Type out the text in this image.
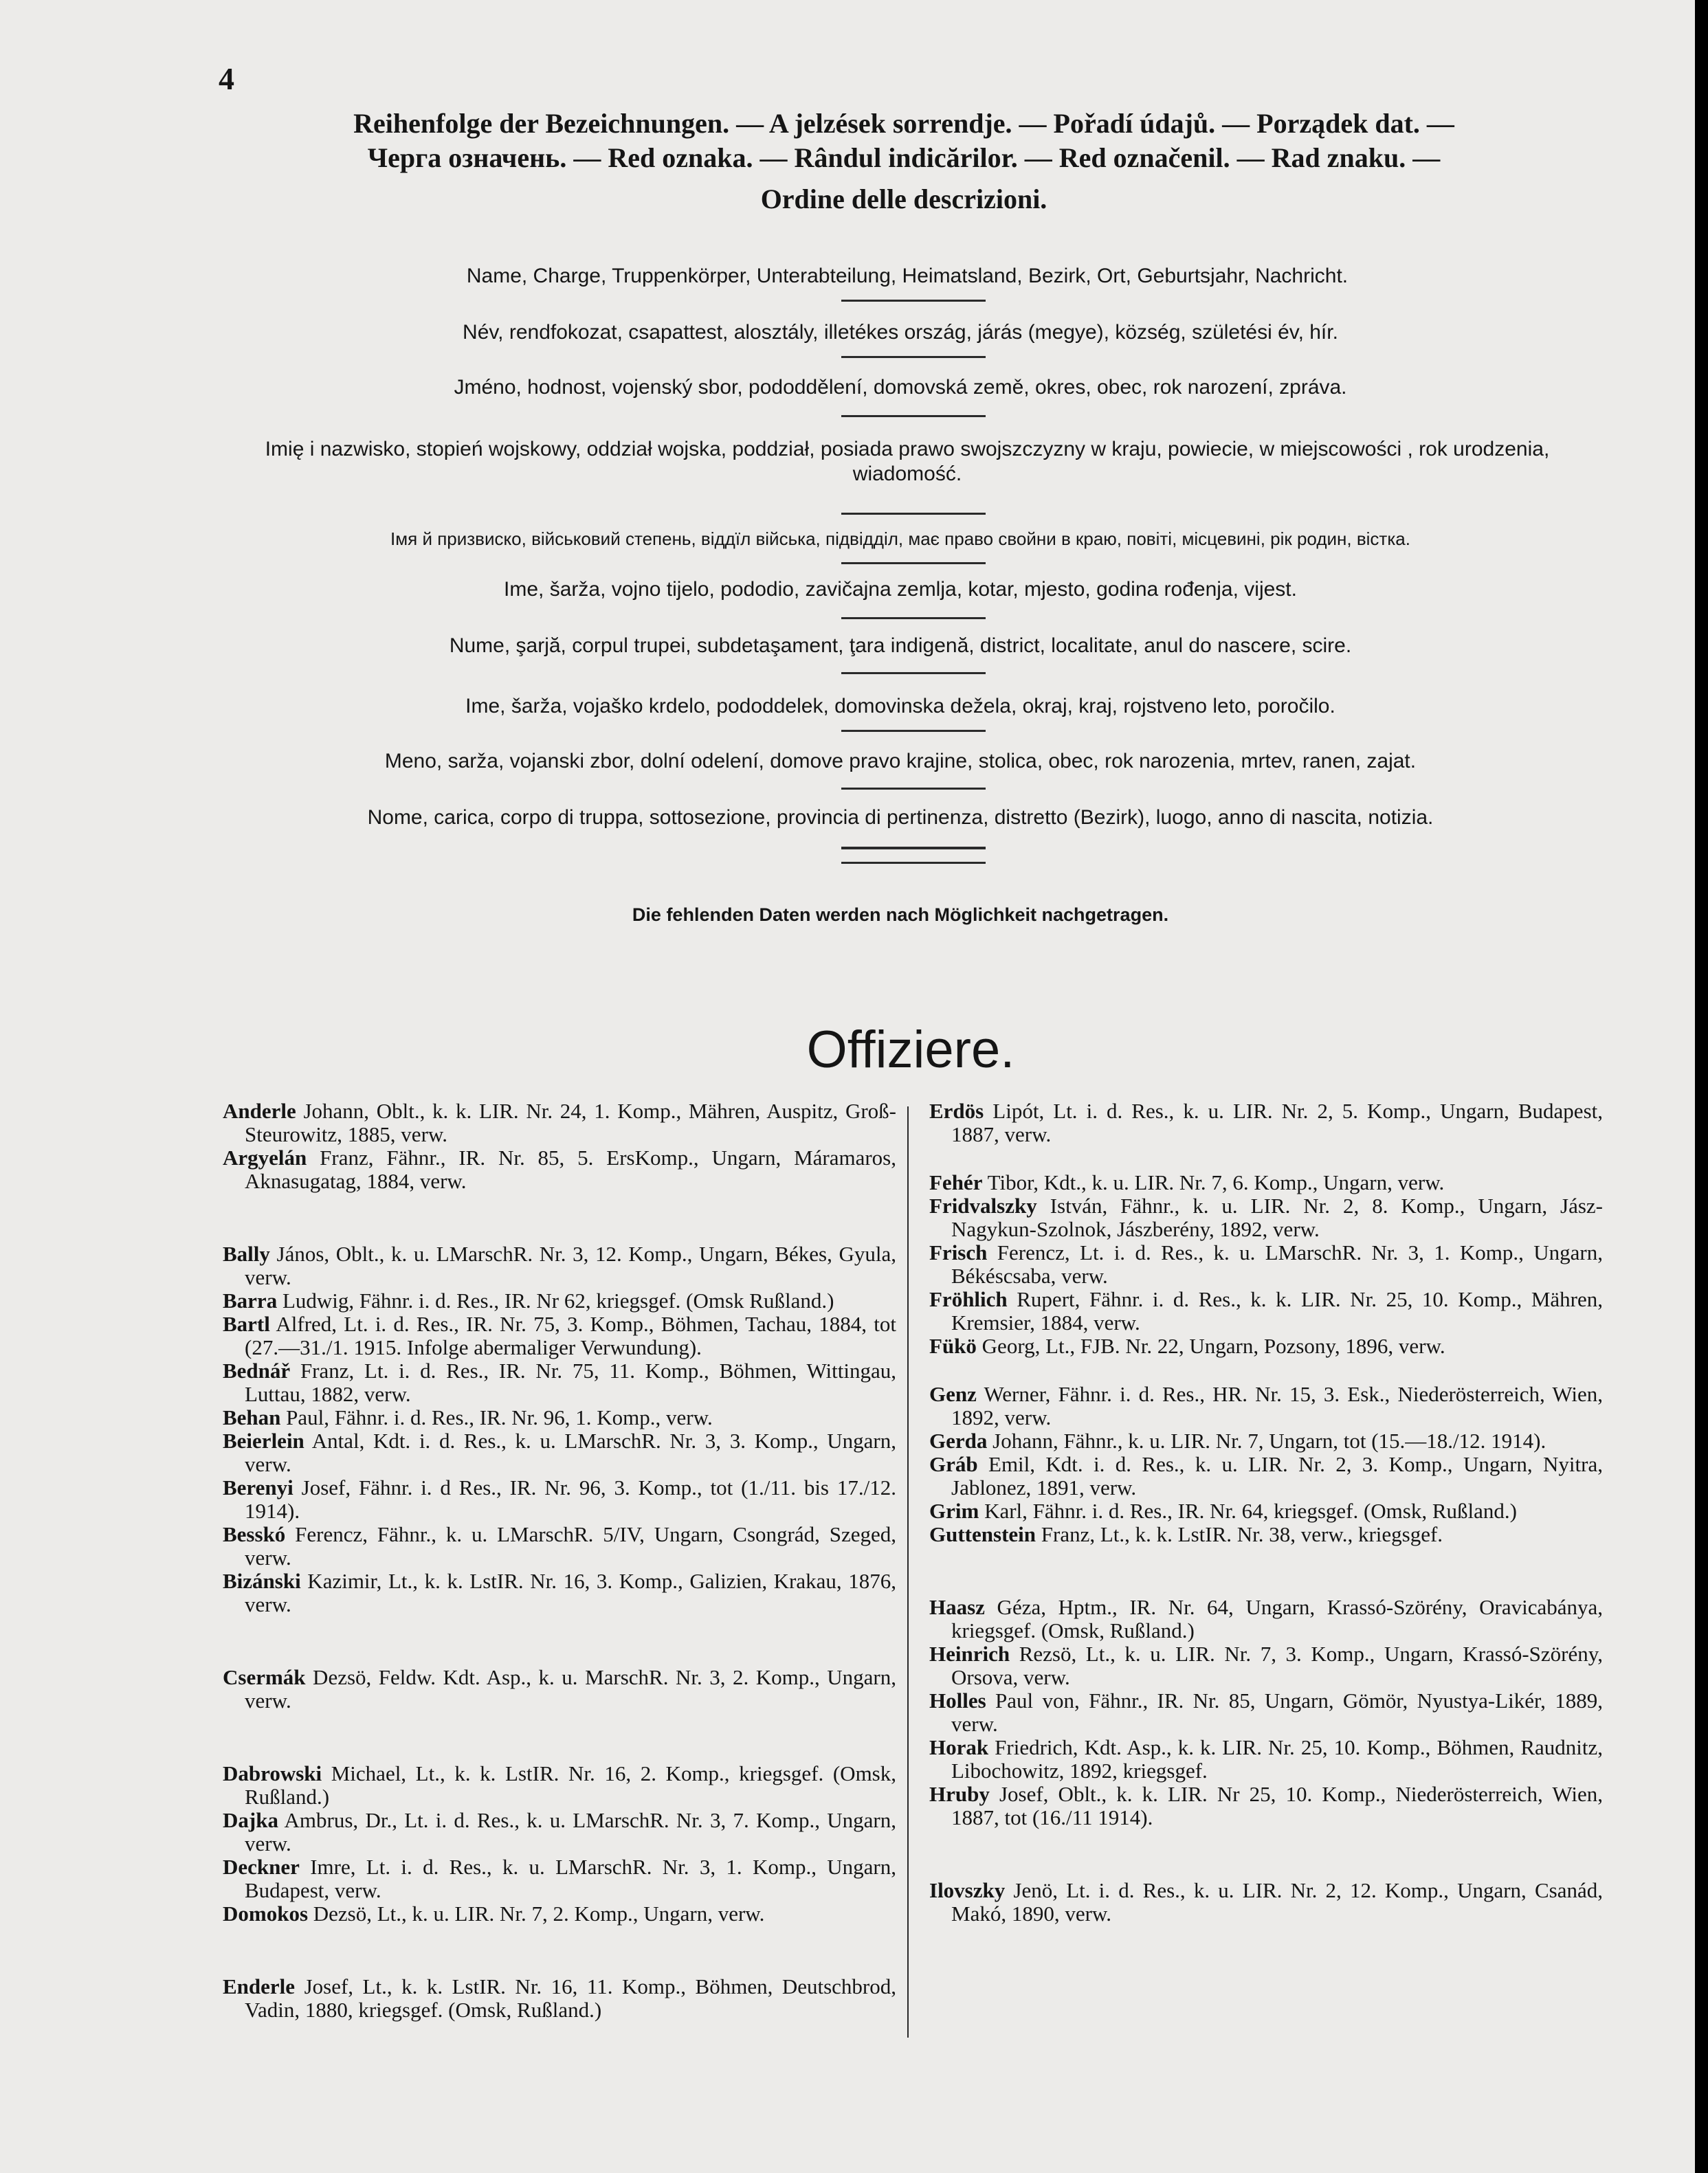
4
Reihenfolge der Bezeichnungen. — A jelzések sorrendje. — Pořadí údajů. — Porządek dat. —
Черга означень. — Red oznaka. — Rândul indicărilor. — Red označenil. — Rad znaku. —
Ordine delle descrizioni.
Name, Charge, Truppenkörper, Unterabteilung, Heimatsland, Bezirk, Ort, Geburtsjahr, Nachricht.
Név, rendfokozat, csapattest, alosztály, illetékes ország, járás (megye), község, születési év, hír.
Jméno, hodnost, vojenský sbor, pododdělení, domovská země, okres, obec, rok narození, zpráva.
Imię i nazwisko, stopień wojskowy, oddział wojska, poddział, posiada prawo swojszczyzny w kraju, powiecie, w miejscowości , rok urodzenia, wiadomość.
Імя й призвиско, військовий степень, віддїл війська, підвідділ, має право свойни в краю, повіті, місцевині, рік родин, вістка.
Ime, šarža, vojno tijelo, pododio, zavičajna zemlja, kotar, mjesto, godina rođenja, vijest.
Nume, şarjă, corpul trupei, subdetaşament, ţara indigenă, district, localitate, anul do nascere, scire.
Ime, šarža, vojaško krdelo, pododdelek, domovinska dežela, okraj, kraj, rojstveno leto, poročilo.
Meno, sarža, vojanski zbor, dolní odelení, domove pravo krajine, stolica, obec, rok narozenia, mrtev, ranen, zajat.
Nome, carica, corpo di truppa, sottosezione, provincia di pertinenza, distretto (Bezirk), luogo, anno di nascita, notizia.
Die fehlenden Daten werden nach Möglichkeit nachgetragen.
Offiziere.

Anderle Johann, Oblt., k. k. LIR. Nr. 24, 1. Komp., Mähren, Auspitz, Groß-Steurowitz, 1885, verw.

Argyelán Franz, Fähnr., IR. Nr. 85, 5. ErsKomp., Ungarn, Máramaros, Aknasugatag, 1884, verw.

Bally János, Oblt., k. u. LMarschR. Nr. 3, 12. Komp., Ungarn, Békes, Gyula, verw.

Barra Ludwig, Fähnr. i. d. Res., IR. Nr 62, kriegsgef. (Omsk Rußland.)

Bartl Alfred, Lt. i. d. Res., IR. Nr. 75, 3. Komp., Böhmen, Tachau, 1884, tot (27.—31./1. 1915. Infolge abermaliger Verwundung).

Bednář Franz, Lt. i. d. Res., IR. Nr. 75, 11. Komp., Böhmen, Wittingau, Luttau, 1882, verw.

Behan Paul, Fähnr. i. d. Res., IR. Nr. 96, 1. Komp., verw.

Beierlein Antal, Kdt. i. d. Res., k. u. LMarschR. Nr. 3, 3. Komp., Ungarn, verw.

Berenyi Josef, Fähnr. i. d Res., IR. Nr. 96, 3. Komp., tot (1./11. bis 17./12. 1914).

Besskó Ferencz, Fähnr., k. u. LMarschR. 5/IV, Ungarn, Csongrád, Szeged, verw.

Bizánski Kazimir, Lt., k. k. LstIR. Nr. 16, 3. Komp., Galizien, Krakau, 1876, verw.

Csermák Dezsö, Feldw. Kdt. Asp., k. u. MarschR. Nr. 3, 2. Komp., Ungarn, verw.

Dabrowski Michael, Lt., k. k. LstIR. Nr. 16, 2. Komp., kriegsgef. (Omsk, Rußland.)

Dajka Ambrus, Dr., Lt. i. d. Res., k. u. LMarschR. Nr. 3, 7. Komp., Ungarn, verw.

Deckner Imre, Lt. i. d. Res., k. u. LMarschR. Nr. 3, 1. Komp., Ungarn, Budapest, verw.

Domokos Dezsö, Lt., k. u. LIR. Nr. 7, 2. Komp., Ungarn, verw.

Enderle Josef, Lt., k. k. LstIR. Nr. 16, 11. Komp., Böhmen, Deutschbrod, Vadin, 1880, kriegsgef. (Omsk, Rußland.)

Erdös Lipót, Lt. i. d. Res., k. u. LIR. Nr. 2, 5. Komp., Ungarn, Budapest, 1887, verw.

Fehér Tibor, Kdt., k. u. LIR. Nr. 7, 6. Komp., Ungarn, verw.

Fridvalszky István, Fähnr., k. u. LIR. Nr. 2, 8. Komp., Ungarn, Jász-Nagykun-Szolnok, Jászberény, 1892, verw.

Frisch Ferencz, Lt. i. d. Res., k. u. LMarschR. Nr. 3, 1. Komp., Ungarn, Békéscsaba, verw.

Fröhlich Rupert, Fähnr. i. d. Res., k. k. LIR. Nr. 25, 10. Komp., Mähren, Kremsier, 1884, verw.

Fükö Georg, Lt., FJB. Nr. 22, Ungarn, Pozsony, 1896, verw.

Genz Werner, Fähnr. i. d. Res., HR. Nr. 15, 3. Esk., Niederösterreich, Wien, 1892, verw.

Gerda Johann, Fähnr., k. u. LIR. Nr. 7, Ungarn, tot (15.—18./12. 1914).

Gráb Emil, Kdt. i. d. Res., k. u. LIR. Nr. 2, 3. Komp., Ungarn, Nyitra, Jablonez, 1891, verw.

Grim Karl, Fähnr. i. d. Res., IR. Nr. 64, kriegsgef. (Omsk, Rußland.)

Guttenstein Franz, Lt., k. k. LstIR. Nr. 38, verw., kriegsgef.

Haasz Géza, Hptm., IR. Nr. 64, Ungarn, Krassó-Szörény, Oravicabánya, kriegsgef. (Omsk, Rußland.)

Heinrich Rezsö, Lt., k. u. LIR. Nr. 7, 3. Komp., Ungarn, Krassó-Szörény, Orsova, verw.

Holles Paul von, Fähnr., IR. Nr. 85, Ungarn, Gömör, Nyustya-Likér, 1889, verw.

Horak Friedrich, Kdt. Asp., k. k. LIR. Nr. 25, 10. Komp., Böhmen, Raudnitz, Libochowitz, 1892, kriegsgef.

Hruby Josef, Oblt., k. k. LIR. Nr 25, 10. Komp., Niederösterreich, Wien, 1887, tot (16./11 1914).

Ilovszky Jenö, Lt. i. d. Res., k. u. LIR. Nr. 2, 12. Komp., Ungarn, Csanád, Makó, 1890, verw.
